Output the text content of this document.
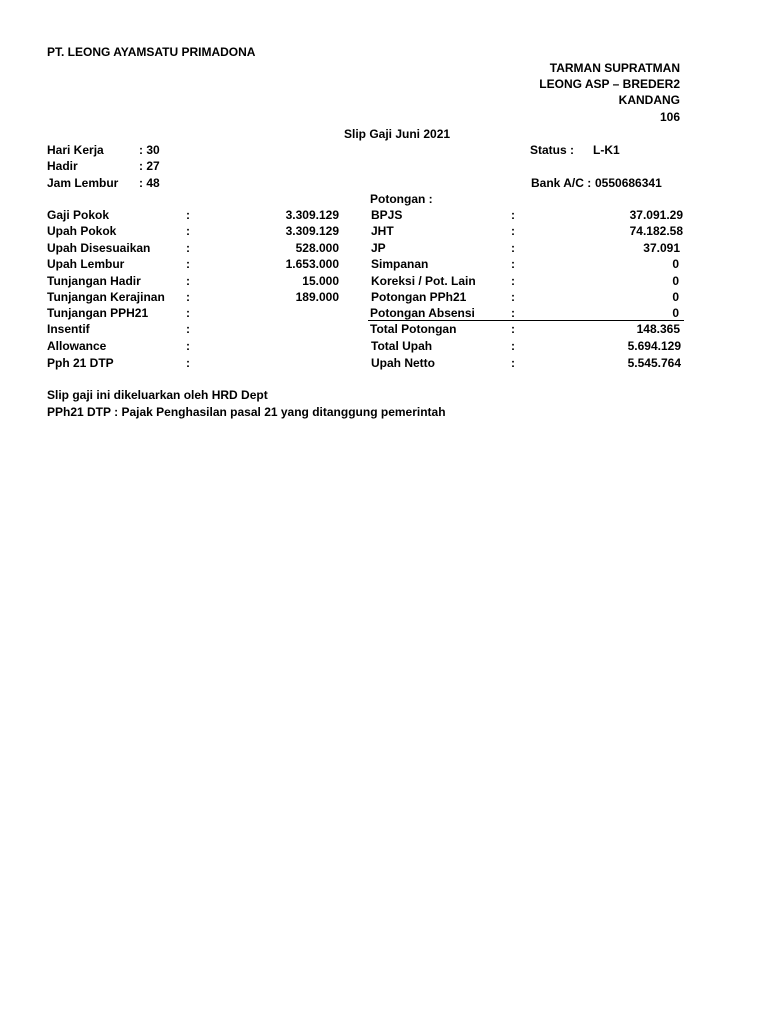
PT. LEONG AYAMSATU PRIMADONA
TARMAN SUPRATMAN
LEONG ASP – BREDER2
KANDANG
106
Slip Gaji Juni 2021
Hari Kerja	: 30
Hadir	: 27
Jam Lembur : 48
Status : L-K1
Bank A/C : 0550686341
Potongan :
Gaji Pokok	:	3.309.129
Upah Pokok	:	3.309.129
Upah Disesuaikan	:	528.000
Upah Lembur	:	1.653.000
Tunjangan Hadir	:	15.000
Tunjangan Kerajinan :	189.000
Tunjangan PPH21	:
Insentif	:
Allowance	:
Pph 21 DTP	:
BPJS	:	37.091.29
JHT	:	74.182.58
JP	:	37.091
Simpanan	:	0
Koreksi / Pot. Lain	:	0
Potongan PPh21	:	0
Potongan Absensi	:	0
Total Potongan	:	148.365
Total Upah	:	5.694.129
Upah Netto	:	5.545.764
Slip gaji ini dikeluarkan oleh HRD Dept
PPh21 DTP : Pajak Penghasilan pasal 21 yang ditanggung pemerintah
